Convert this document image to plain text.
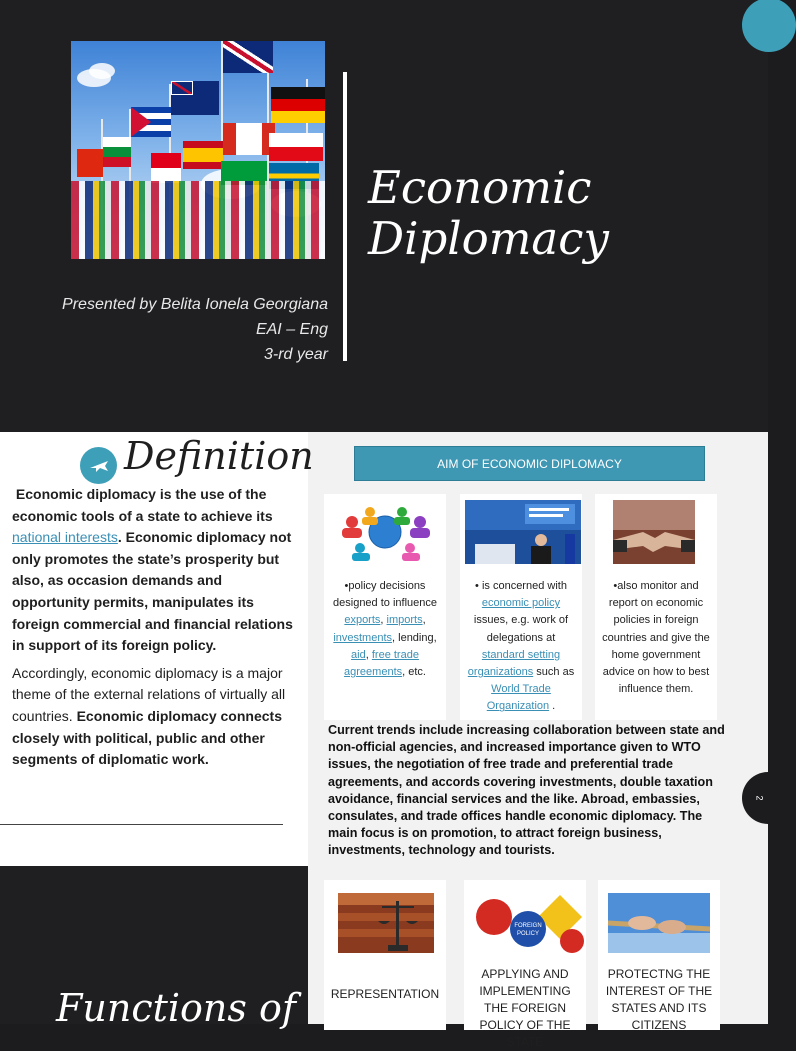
Economic
Diplomacy
Presented by Belita Ionela Georgiana
EAI – Eng
3-rd year
Definition

Economic diplomacy is the use of the economic tools of a state to achieve its national interests. Economic diplomacy not only promotes the state’s prosperity but also, as occasion demands and opportunity permits, manipulates its foreign commercial and financial relations in support of its foreign policy.

Accordingly, economic diplomacy is a major theme of the external relations of virtually all countries. Economic diplomacy connects closely with political, public and other segments of diplomatic work.

AIM OF ECONOMIC DIPLOMACY
•policy decisions designed to influence exports, imports, investments, lending, aid, free trade agreements, etc.
• is concerned with economic policy issues, e.g. work of delegations at standard setting organizations such as World Trade Organization .
•also monitor and report on economic policies in foreign countries and give the home government advice on how to best influence them.
Current trends include increasing collaboration between state and non-official agencies, and increased importance given to WTO issues, the negotiation of free trade and preferential trade agreements, and accords covering investments, double taxation avoidance, financial services and the like. Abroad, embassies, consulates, and trade offices handle economic diplomacy. The main focus is on promotion, to attract foreign business, investments, technology and tourists.
2
Functions of	REPRESENTATION
FOREIGN
POLICY
APPLYING AND IMPLEMENTING THE FOREIGN POLICY OF THE STATE
PROTECTNG THE INTEREST OF THE STATES AND ITS CITIZENS
